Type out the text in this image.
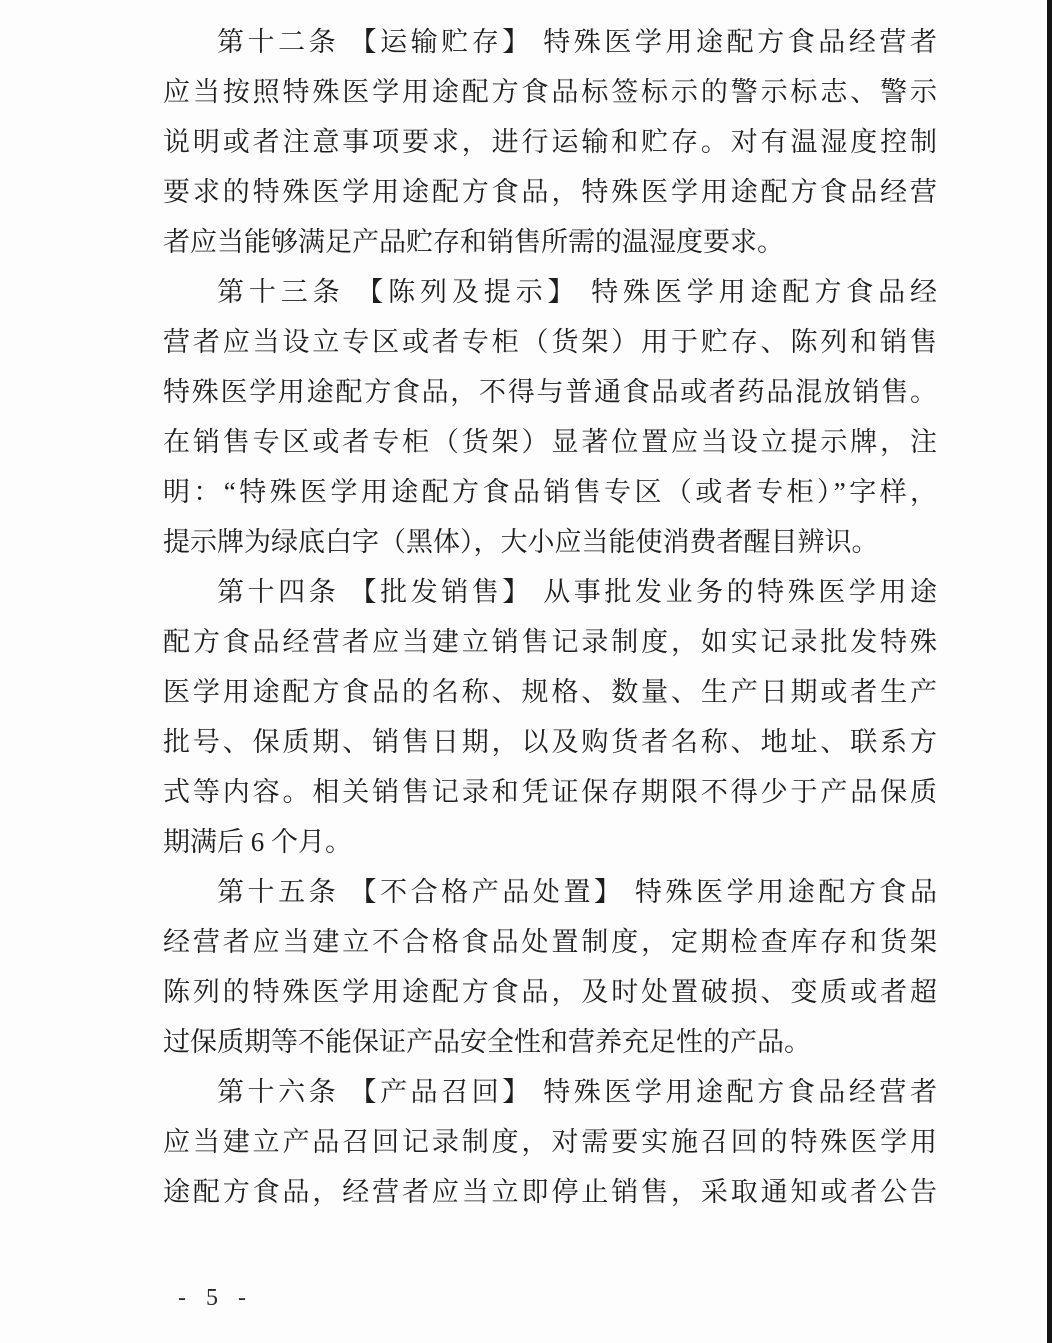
第十二条 【运输贮存】 特殊医学用途配方食品经营者
应当按照特殊医学用途配方食品标签标示的警示标志、警示
说明或者注意事项要求，进行运输和贮存。对有温湿度控制
要求的特殊医学用途配方食品，特殊医学用途配方食品经营
者应当能够满足产品贮存和销售所需的温湿度要求。
第十三条 【陈列及提示】 特殊医学用途配方食品经
营者应当设立专区或者专柜（货架）用于贮存、陈列和销售
特殊医学用途配方食品，不得与普通食品或者药品混放销售。
在销售专区或者专柜（货架）显著位置应当设立提示牌，注
明：“特殊医学用途配方食品销售专区（或者专柜）”字样，
提示牌为绿底白字（黑体），大小应当能使消费者醒目辨识。
第十四条 【批发销售】 从事批发业务的特殊医学用途
配方食品经营者应当建立销售记录制度，如实记录批发特殊
医学用途配方食品的名称、规格、数量、生产日期或者生产
批号、保质期、销售日期，以及购货者名称、地址、联系方
式等内容。相关销售记录和凭证保存期限不得少于产品保质
期满后 6 个月。
第十五条 【不合格产品处置】 特殊医学用途配方食品
经营者应当建立不合格食品处置制度，定期检查库存和货架
陈列的特殊医学用途配方食品，及时处置破损、变质或者超
过保质期等不能保证产品安全性和营养充足性的产品。
第十六条 【产品召回】 特殊医学用途配方食品经营者
应当建立产品召回记录制度，对需要实施召回的特殊医学用
途配方食品，经营者应当立即停止销售，采取通知或者公告
- 5 -
